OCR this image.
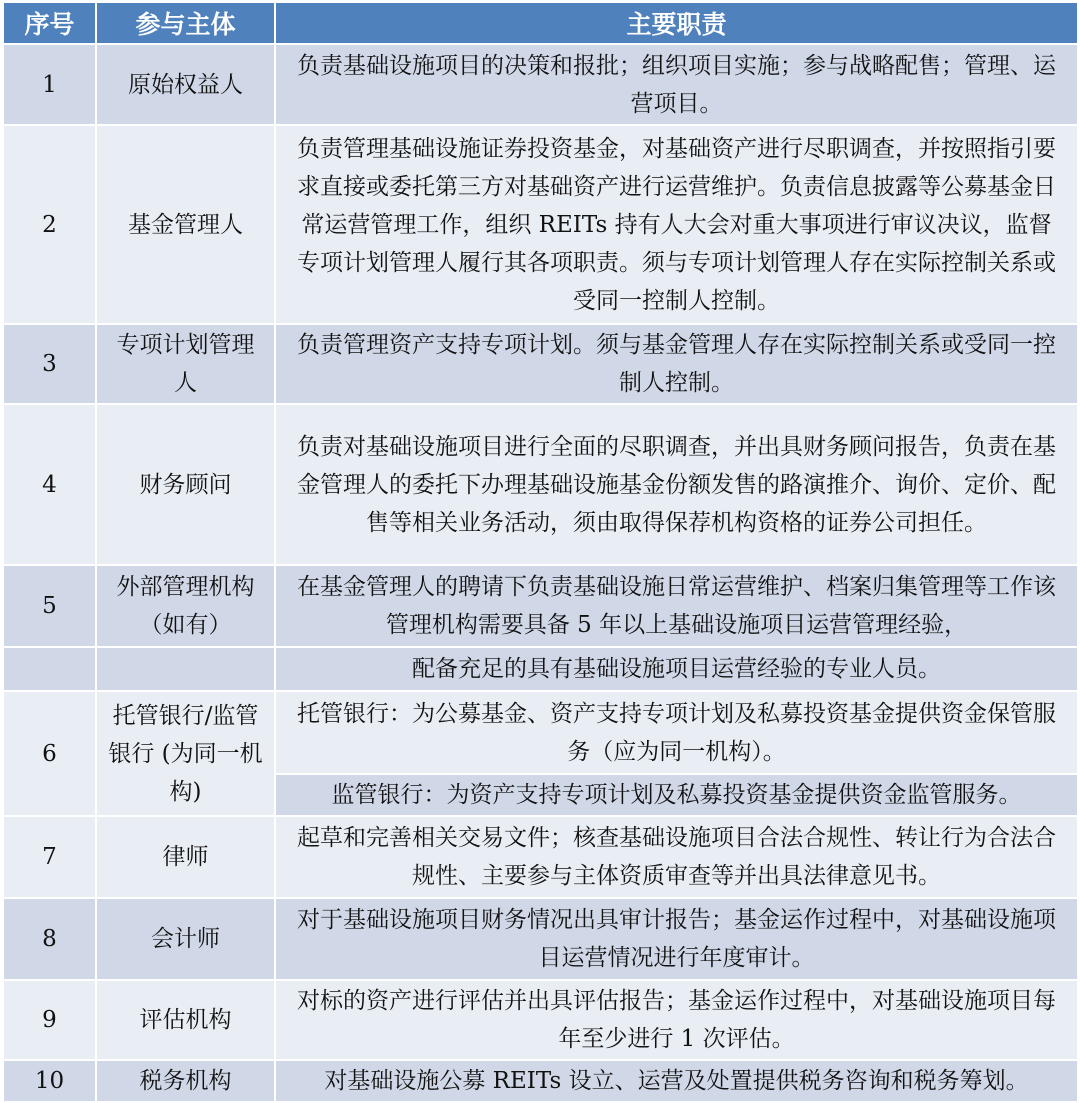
序号	参与主体	主要职责
1	原始权益人	负责基础设施项目的决策和报批；组织项目实施；参与战略配售；管理、运营项目。
2	基金管理人	负责管理基础设施证券投资基金，对基础资产进行尽职调查，并按照指引要求直接或委托第三方对基础资产进行运营维护。负责信息披露等公募基金日常运营管理工作，组织 REITs 持有人大会对重大事项进行审议决议，监督专项计划管理人履行其各项职责。须与专项计划管理人存在实际控制关系或受同一控制人控制。
3	专项计划管理人	负责管理资产支持专项计划。须与基金管理人存在实际控制关系或受同一控制人控制。
4	财务顾问	负责对基础设施项目进行全面的尽职调查，并出具财务顾问报告，负责在基金管理人的委托下办理基础设施基金份额发售的路演推介、询价、定价、配售等相关业务活动，须由取得保荐机构资格的证券公司担任。
5	外部管理机构（如有）	在基金管理人的聘请下负责基础设施日常运营维护、档案归集管理等工作该管理机构需要具备 5 年以上基础设施项目运营管理经验，
		配备充足的具有基础设施项目运营经验的专业人员。
6	托管银行/监管银行 (为同一机构)	托管银行：为公募基金、资产支持专项计划及私募投资基金提供资金保管服务（应为同一机构）。
		监管银行：为资产支持专项计划及私募投资基金提供资金监管服务。
7	律师	起草和完善相关交易文件；核查基础设施项目合法合规性、转让行为合法合规性、主要参与主体资质审查等并出具法律意见书。
8	会计师	对于基础设施项目财务情况出具审计报告；基金运作过程中，对基础设施项目运营情况进行年度审计。
9	评估机构	对标的资产进行评估并出具评估报告；基金运作过程中，对基础设施项目每年至少进行 1 次评估。
10	税务机构	对基础设施公募 REITs 设立、运营及处置提供税务咨询和税务筹划。
